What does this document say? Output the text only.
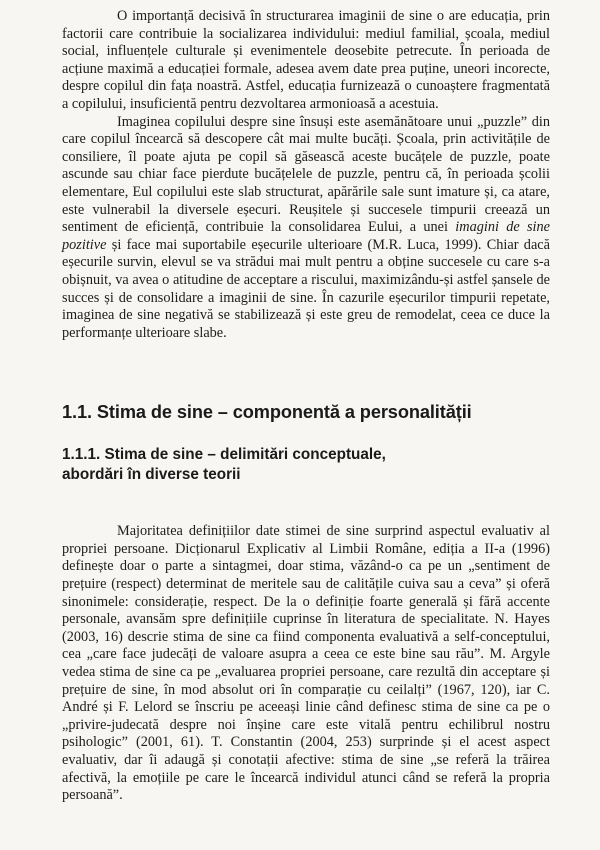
O importanță decisivă în structurarea imaginii de sine o are educația, prin factorii care contribuie la socializarea individului: mediul familial, școala, mediul social, influențele culturale și evenimentele deosebite petrecute. În perioada de acțiune maximă a educației formale, adesea avem date prea puține, uneori incorecte, despre copilul din fața noastră. Astfel, educația furnizează o cunoaștere fragmentată a copilului, insuficientă pentru dezvoltarea armonioasă a acestuia.

Imaginea copilului despre sine însuși este asemănătoare unui „puzzle” din care copilul încearcă să descopere cât mai multe bucăți. Școala, prin activitățile de consiliere, îl poate ajuta pe copil să găsească aceste bucățele de puzzle, poate ascunde sau chiar face pierdute bucățelele de puzzle, pentru că, în perioada școlii elementare, Eul copilului este slab structurat, apărările sale sunt imature și, ca atare, este vulnerabil la diversele eșecuri. Reușitele și succesele timpurii creează un sentiment de eficiență, contribuie la consolidarea Eului, a unei imagini de sine pozitive și face mai suportabile eșecurile ulterioare (M.R. Luca, 1999). Chiar dacă eșecurile survin, elevul se va strădui mai mult pentru a obține succesele cu care s-a obișnuit, va avea o atitudine de acceptare a riscului, maximizându-și astfel șansele de succes și de consolidare a imaginii de sine. În cazurile eșecurilor timpurii repetate, imaginea de sine negativă se stabilizează și este greu de remodelat, ceea ce duce la performanțe ulterioare slabe.

1.1. Stima de sine – componentă a personalității
1.1.1. Stima de sine – delimitări conceptuale,
abordări în diverse teorii

Majoritatea definițiilor date stimei de sine surprind aspectul evaluativ al propriei persoane. Dicționarul Explicativ al Limbii Române, ediția a II-a (1996) definește doar o parte a sintagmei, doar stima, văzând-o ca pe un „sentiment de prețuire (respect) determinat de meritele sau de calitățile cuiva sau a ceva” și oferă sinonimele: considerație, respect. De la o definiție foarte generală și fără accente personale, avansăm spre definițiile cuprinse în literatura de specialitate. N. Hayes (2003, 16) descrie stima de sine ca fiind componenta evaluativă a self-conceptului, cea „care face judecăți de valoare asupra a ceea ce este bine sau rău”. M. Argyle vedea stima de sine ca pe „evaluarea propriei persoane, care rezultă din acceptare și prețuire de sine, în mod absolut ori în comparație cu ceilalți” (1967, 120), iar C. André și F. Lelord se înscriu pe aceeași linie când definesc stima de sine ca pe o „privire-judecată despre noi înșine care este vitală pentru echilibrul nostru psihologic” (2001, 61). T. Constantin (2004, 253) surprinde și el acest aspect evaluativ, dar îi adaugă și conotații afective: stima de sine „se referă la trăirea afectivă, la emoțiile pe care le încearcă individul atunci când se referă la propria persoană”.
